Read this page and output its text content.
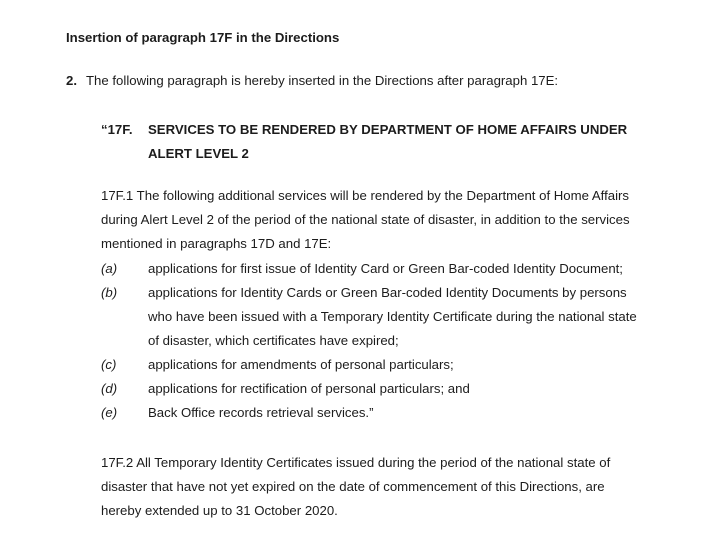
Insertion of paragraph 17F in the Directions
2. The following paragraph is hereby inserted in the Directions after paragraph 17E:
“17F. SERVICES TO BE RENDERED BY DEPARTMENT OF HOME AFFAIRS UNDER
ALERT LEVEL 2
17F.1 The following additional services will be rendered by the Department of Home Affairs
during Alert Level 2 of the period of the national state of disaster, in addition to the services
mentioned in paragraphs 17D and 17E:
(a) applications for first issue of Identity Card or Green Bar-coded Identity Document;
(b) applications for Identity Cards or Green Bar-coded Identity Documents by persons
who have been issued with a Temporary Identity Certificate during the national state
of disaster, which certificates have expired;
(c) applications for amendments of personal particulars;
(d) applications for rectification of personal particulars; and
(e) Back Office records retrieval services.”
17F.2 All Temporary Identity Certificates issued during the period of the national state of
disaster that have not yet expired on the date of commencement of this Directions, are
hereby extended up to 31 October 2020.
